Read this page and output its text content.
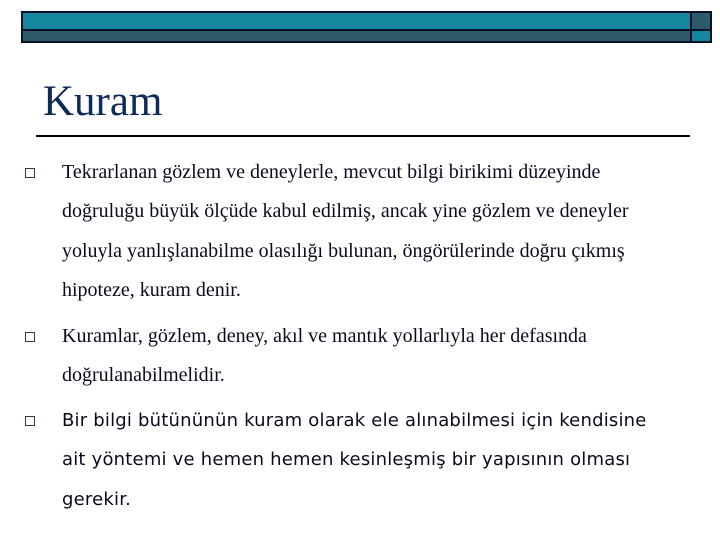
Kuram

Tekrarlanan gözlem ve deneylerle, mevcut bilgi birikimi düzeyinde
doğruluğu büyük ölçüde kabul edilmiş, ancak yine gözlem ve deneyler
yoluyla yanlışlanabilme olasılığı bulunan, öngörülerinde doğru çıkmış
hipoteze, kuram denir.

Kuramlar, gözlem, deney, akıl ve mantık yollarlıyla her defasında
doğrulanabilmelidir.

Bir bilgi bütününün kuram olarak ele alınabilmesi için kendisine
ait yöntemi ve hemen hemen kesinleşmiş bir yapısının olması
gerekir.
